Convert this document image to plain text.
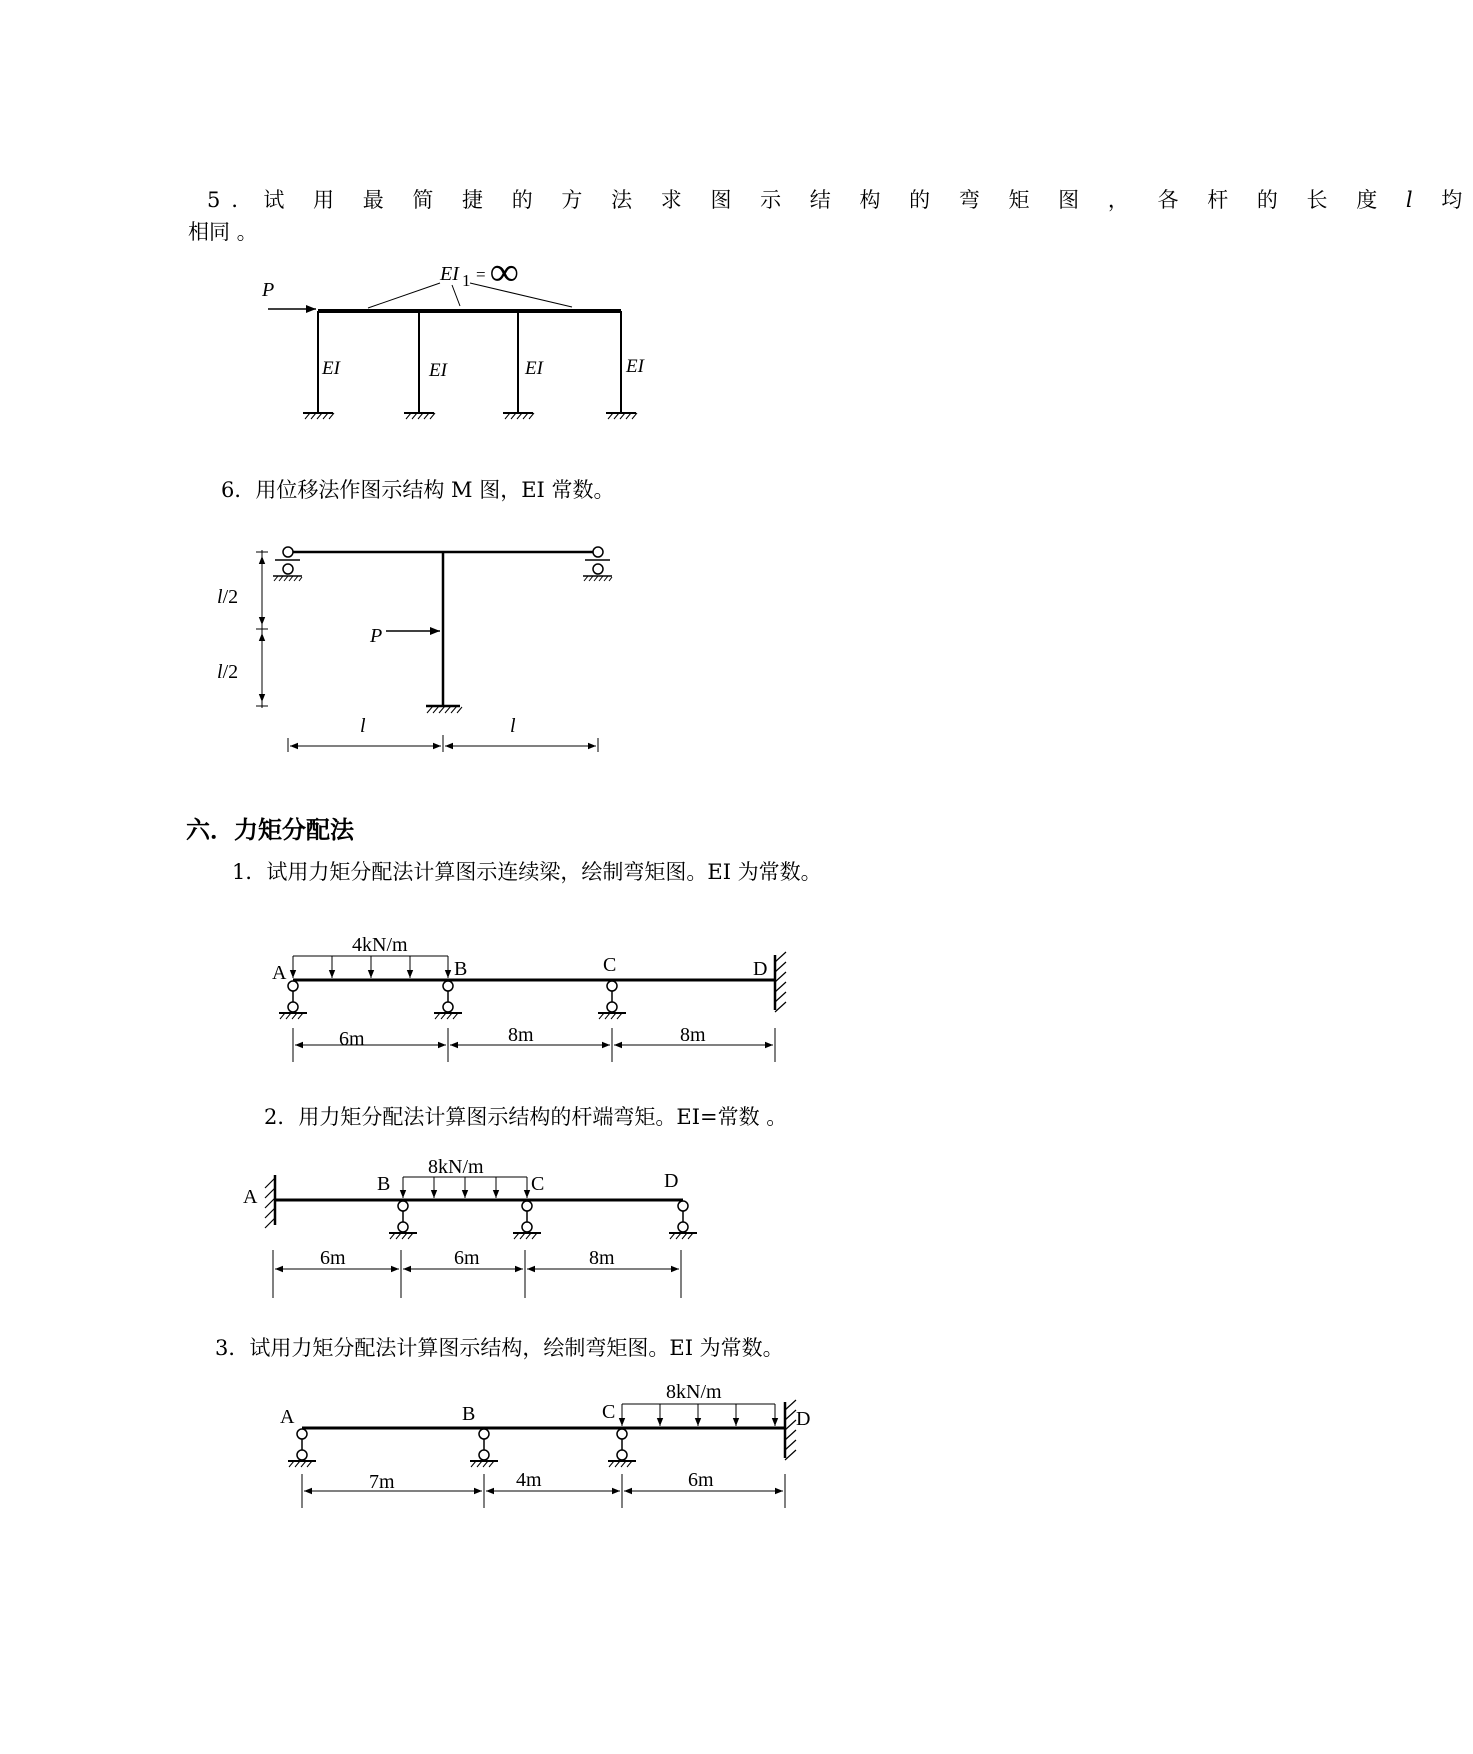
5．试 用 最 简 捷 的 方 法 求 图 示 结 构 的 弯 矩 图 ， 各 杆 的 长 度 l 均
相同 。
P
EI 1 = ∞
EI	EI	EI	EI
6．用位移法作图示结构 M 图，EI 常数。
P
l/2
l/2
l	l
六．力矩分配法
1．试用力矩分配法计算图示连续梁，绘制弯矩图。EI 为常数。
4kN/m
A	B	C	D
6m	8m	8m
2．用力矩分配法计算图示结构的杆端弯矩。EI=常数 。
8kN/m
A
B	C	D
6m	6m	8m
3．试用力矩分配法计算图示结构，绘制弯矩图。EI 为常数。
8kN/m
A	B	C	D
7m	4m	6m
